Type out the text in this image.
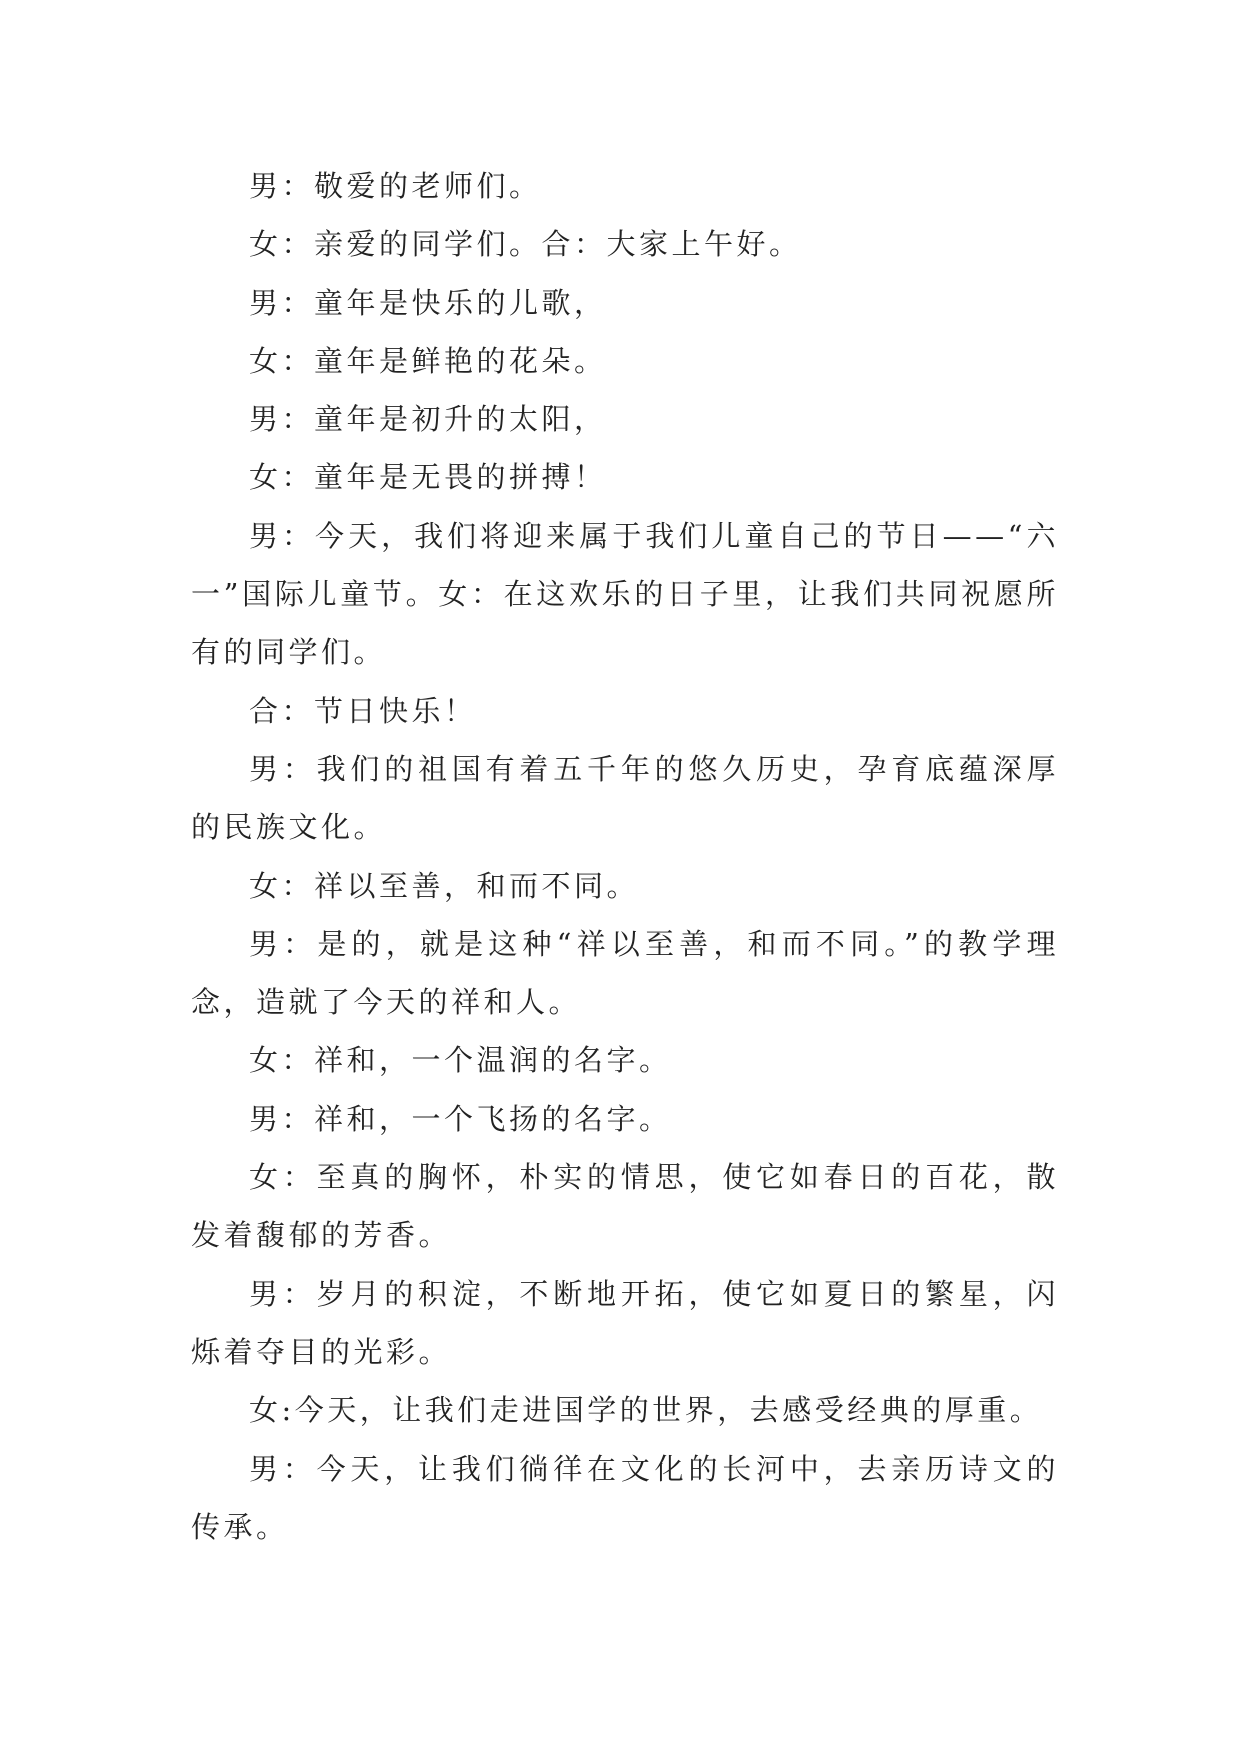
男：敬爱的老师们。

女：亲爱的同学们。合：大家上午好。

男：童年是快乐的儿歌，

女：童年是鲜艳的花朵。

男：童年是初升的太阳，

女：童年是无畏的拼搏！

男：今天，我们将迎来属于我们儿童自己的节日——“六一”国际儿童节。女：在这欢乐的日子里，让我们共同祝愿所有的同学们。

合：节日快乐！

男：我们的祖国有着五千年的悠久历史，孕育底蕴深厚的民族文化。

女：祥以至善，和而不同。

男：是的，就是这种“祥以至善，和而不同。”的教学理念，造就了今天的祥和人。

女：祥和，一个温润的名字。

男：祥和，一个飞扬的名字。

女：至真的胸怀，朴实的情思，使它如春日的百花，散发着馥郁的芳香。

男：岁月的积淀，不断地开拓，使它如夏日的繁星，闪烁着夺目的光彩。

女:今天，让我们走进国学的世界，去感受经典的厚重。

男：今天，让我们徜徉在文化的长河中，去亲历诗文的传承。
